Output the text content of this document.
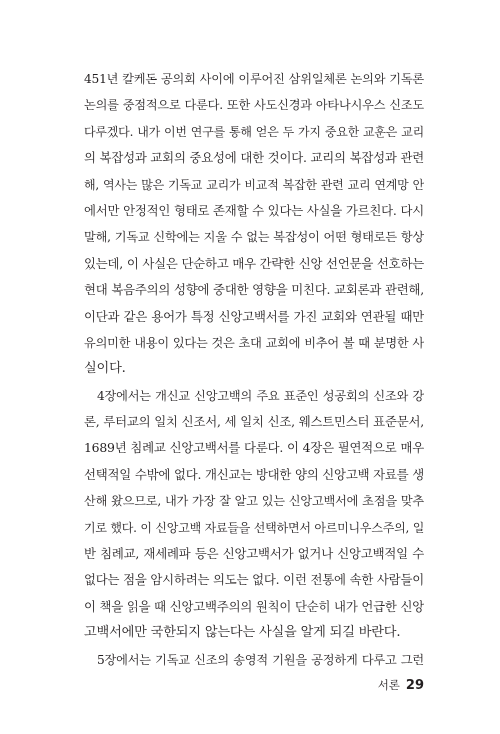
451년 칼케돈 공의회 사이에 이루어진 삼위일체론 논의와 기독론
논의를 중점적으로 다룬다. 또한 사도신경과 아타나시우스 신조도
다루겠다. 내가 이번 연구를 통해 얻은 두 가지 중요한 교훈은 교리
의 복잡성과 교회의 중요성에 대한 것이다. 교리의 복잡성과 관련
해, 역사는 많은 기독교 교리가 비교적 복잡한 관련 교리 연계망 안
에서만 안정적인 형태로 존재할 수 있다는 사실을 가르친다. 다시
말해, 기독교 신학에는 지울 수 없는 복잡성이 어떤 형태로든 항상
있는데, 이 사실은 단순하고 매우 간략한 신앙 선언문을 선호하는
현대 복음주의의 성향에 중대한 영향을 미친다. 교회론과 관련해,
이단과 같은 용어가 특정 신앙고백서를 가진 교회와 연관될 때만
유의미한 내용이 있다는 것은 초대 교회에 비추어 볼 때 분명한 사
실이다.
4장에서는 개신교 신앙고백의 주요 표준인 성공회의 신조와 강
론, 루터교의 일치 신조서, 세 일치 신조, 웨스트민스터 표준문서,
1689년 침례교 신앙고백서를 다룬다. 이 4장은 필연적으로 매우
선택적일 수밖에 없다. 개신교는 방대한 양의 신앙고백 자료를 생
산해 왔으므로, 내가 가장 잘 알고 있는 신앙고백서에 초점을 맞추
기로 했다. 이 신앙고백 자료들을 선택하면서 아르미니우스주의, 일
반 침례교, 재세례파 등은 신앙고백서가 없거나 신앙고백적일 수
없다는 점을 암시하려는 의도는 없다. 이런 전통에 속한 사람들이
이 책을 읽을 때 신앙고백주의의 원칙이 단순히 내가 언급한 신앙
고백서에만 국한되지 않는다는 사실을 알게 되길 바란다.
5장에서는 기독교 신조의 송영적 기원을 공정하게 다루고 그런
서론 29
